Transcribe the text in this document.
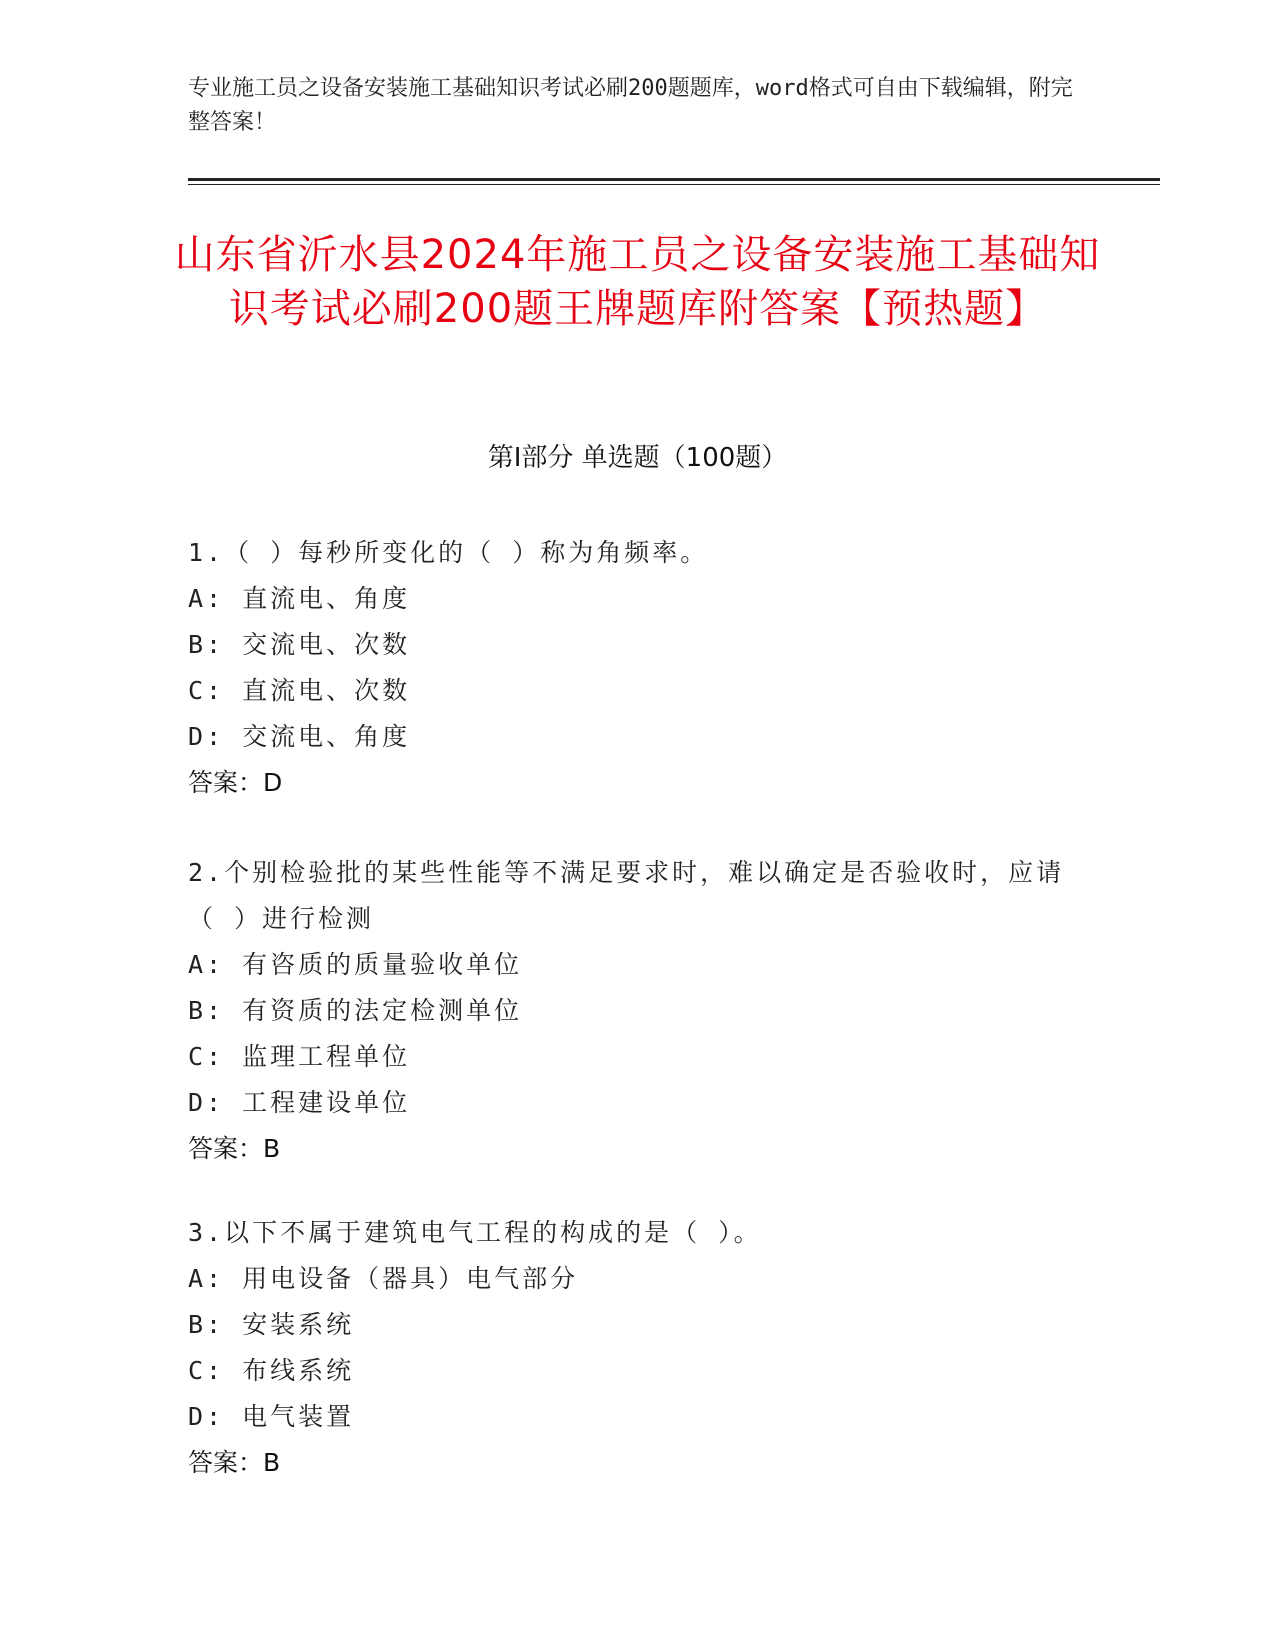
专业施工员之设备安装施工基础知识考试必刷200题题库，word格式可自由下载编辑，附完整答案！
山东省沂水县2024年施工员之设备安装施工基础知识考试必刷200题王牌题库附答案【预热题】
第Ⅰ部分 单选题（100题）
1.（ ）每秒所变化的（ ）称为角频率。
A: 直流电、角度
B: 交流电、次数
C: 直流电、次数
D: 交流电、角度
答案：D
2.个别检验批的某些性能等不满足要求时，难以确定是否验收时，应请（ ）进行检测
A: 有咨质的质量验收单位
B: 有资质的法定检测单位
C: 监理工程单位
D: 工程建设单位
答案：B
3.以下不属于建筑电气工程的构成的是（ ）。
A: 用电设备（器具）电气部分
B: 安装系统
C: 布线系统
D: 电气装置
答案：B
